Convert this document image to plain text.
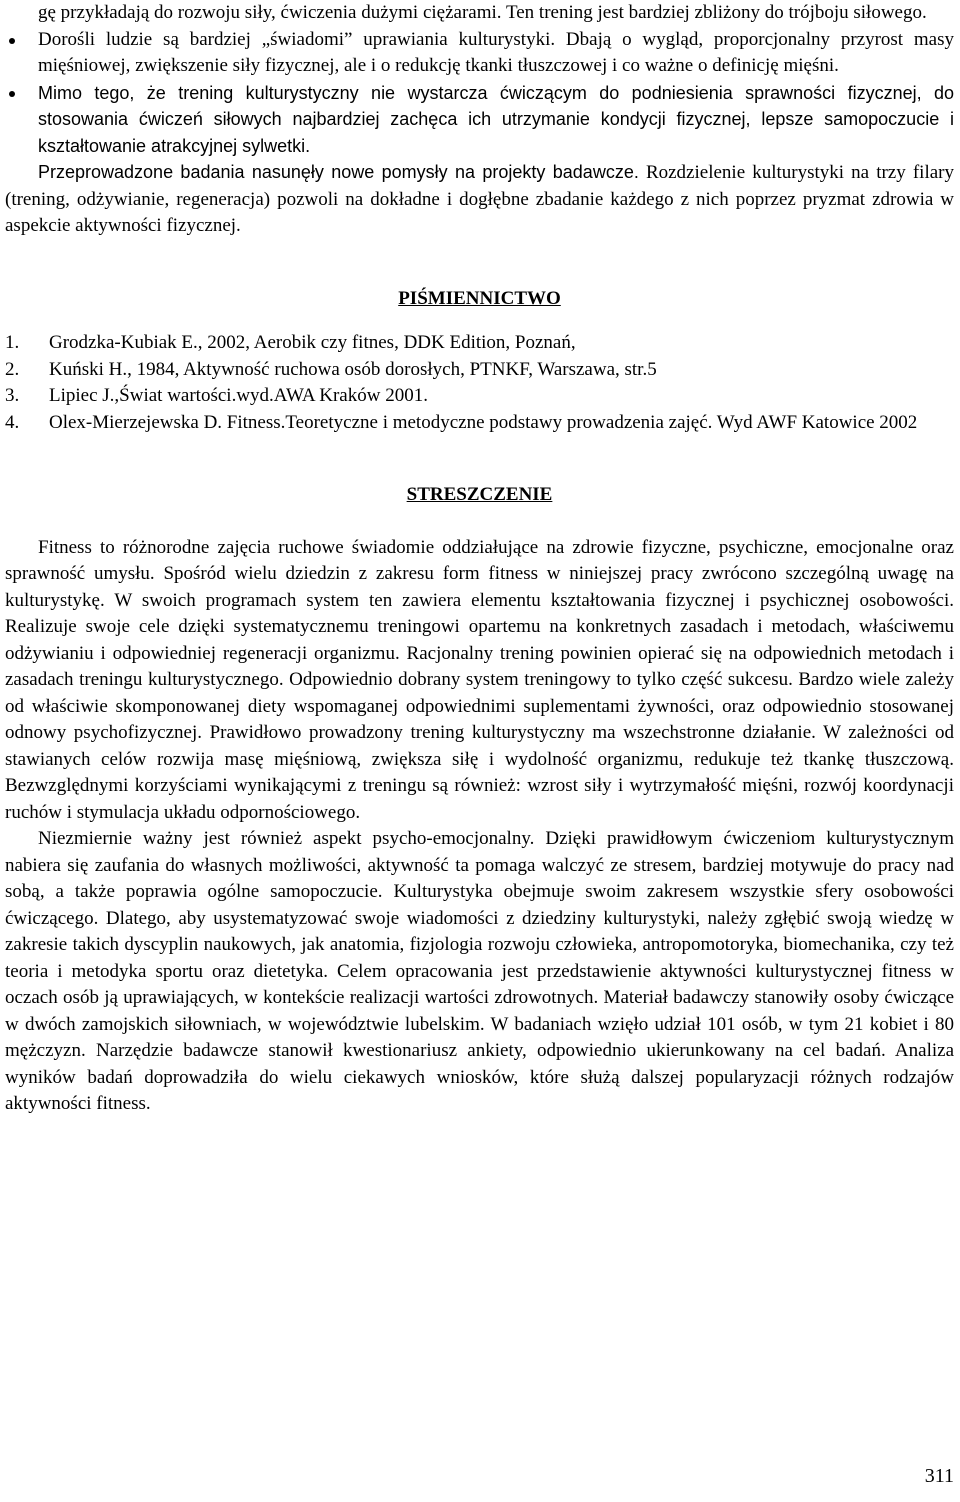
gę przykładają do rozwoju siły, ćwiczenia dużymi ciężarami. Ten trening jest bardziej zbliżony do trójboju siłowego.
Dorośli ludzie są bardziej „świadomi” uprawiania kulturystyki. Dbają o wygląd, proporcjonalny przyrost masy mięśniowej, zwiększenie siły fizycznej, ale i o redukcję tkanki tłuszczowej i co ważne o definicję mięśni.
Mimo tego, że trening kulturystyczny nie wystarcza ćwiczącym do podniesienia sprawności fizycznej, do stosowania ćwiczeń siłowych najbardziej zachęca ich utrzymanie kondycji fizycznej, lepsze samopoczucie i kształtowanie atrakcyjnej sylwetki.

Przeprowadzone badania nasunęły nowe pomysły na projekty badawcze. Rozdzielenie kulturystyki na trzy filary (trening, odżywianie, regeneracja) pozwoli na dokładne i dogłębne zbadanie każdego z nich poprzez pryzmat zdrowia w aspekcie aktywności fizycznej.

PIŚMIENNICTWO
1. Grodzka-Kubiak E., 2002, Aerobik czy fitnes, DDK Edition, Poznań,
2. Kuński H., 1984, Aktywność ruchowa osób dorosłych, PTNKF, Warszawa, str.5
3. Lipiec J.,Świat wartości.wyd.AWA Kraków 2001.
4. Olex-Mierzejewska D. Fitness.Teoretyczne i metodyczne podstawy prowadzenia zajęć. Wyd AWF Katowice 2002
STRESZCZENIE

Fitness to różnorodne zajęcia ruchowe świadomie oddziałujące na zdrowie fizyczne, psychiczne, emocjonalne oraz sprawność umysłu. Spośród wielu dziedzin z zakresu form fitness w niniejszej pracy zwrócono szczególną uwagę na kulturystykę. W swoich programach system ten zawiera elementu kształtowania fizycznej i psychicznej osobowości. Realizuje swoje cele dzięki systematycznemu treningowi opartemu na konkretnych zasadach i metodach, właściwemu odżywianiu i odpowiedniej regeneracji organizmu. Racjonalny trening powinien opierać się na odpowiednich metodach i zasadach treningu kulturystycznego. Odpowiednio dobrany system treningowy to tylko część sukcesu. Bardzo wiele zależy od właściwie skomponowanej diety wspomaganej odpowiednimi suplementami żywności, oraz odpowiednio stosowanej odnowy psychofizycznej. Prawidłowo prowadzony trening kulturystyczny ma wszechstronne działanie. W zależności od stawianych celów rozwija masę mięśniową, zwiększa siłę i wydolność organizmu, redukuje też tkankę tłuszczową. Bezwzględnymi korzyściami wynikającymi z treningu są również: wzrost siły i wytrzymałość mięśni, rozwój koordynacji ruchów i stymulacja układu odpornościowego.

Niezmiernie ważny jest również aspekt psycho-emocjonalny. Dzięki prawidłowym ćwiczeniom kulturystycznym nabiera się zaufania do własnych możliwości, aktywność ta pomaga walczyć ze stresem, bardziej motywuje do pracy nad sobą, a także poprawia ogólne samopoczucie. Kulturystyka obejmuje swoim zakresem wszystkie sfery osobowości ćwiczącego. Dlatego, aby usystematyzować swoje wiadomości z dziedziny kulturystyki, należy zgłębić swoją wiedzę w zakresie takich dyscyplin naukowych, jak anatomia, fizjologia rozwoju człowieka, antropomotoryka, biomechanika, czy też teoria i metodyka sportu oraz dietetyka. Celem opracowania jest przedstawienie aktywności kulturystycznej fitness w oczach osób ją uprawiających, w kontekście realizacji wartości zdrowotnych. Materiał badawczy stanowiły osoby ćwiczące w dwóch zamojskich siłowniach, w województwie lubelskim. W badaniach wzięło udział 101 osób, w tym 21 kobiet i 80 mężczyzn. Narzędzie badawcze stanowił kwestionariusz ankiety, odpowiednio ukierunkowany na cel badań. Analiza wyników badań doprowadziła do wielu ciekawych wniosków, które służą dalszej popularyzacji różnych rodzajów aktywności fitness.

311
